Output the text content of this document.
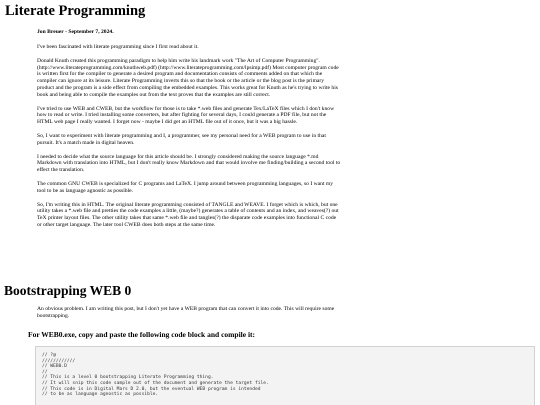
Literate Programming

Jon Breuer - September 7, 2024.

I've been fascinated with literate programming since I first read about it.

Donald Knuth created this programming paradigm to help him write his landmark work "The Art of Computer Programming". (http://www.literateprogramming.com/knuthweb.pdf) (http://www.literateprogramming.com/lpsimp.pdf) Most computer program code is written first for the compiler to generate a desired program and documentation consists of comments added on that which the compiler can ignore at its leisure. Literate Programming inverts this so that the book or the article or the blog post is the primary product and the program is a side effect from compiling the embedded examples. This works great for Knuth as he's trying to write his book and being able to compile the examples out from the text proves that the examples are still correct.

I've tried to use WEB and CWEB, but the workflow for those is to take *.web files and generate Tex/LaTeX files which I don't know how to read or write. I tried installing some converters, but after fighting for several days, I could generate a PDF file, but not the HTML web page I really wanted. I forget now - maybe I did get an HTML file out of it once, but it was a big hassle.

So, I want to experiment with literate programming and I, a programmer, see my personal need for a WEB program to use in that pursuit. It's a match made in digital heaven.

I needed to decide what the source language for this article should be. I strongly considered making the source language *.md Markdown with translation into HTML, but I don't really know Markdown and that would involve me finding/building a second tool to effect the translation.

The common GNU CWEB is specialized for C programs and LaTeX. I jump around between programming languages, so I want my tool to be as language agnostic as possible.

So, I'm writing this in HTML. The original literate programming consisted of TANGLE and WEAVE. I forget which is which, but one utility takes a *.web file and pretties the code examples a little, (maybe?) generates a table of contents and an index, and weaves(?) out TeX printer layout files. The other utility takes that same *.web file and tangles(?) the disparate code examples into functional C code or other target language. The later tool CWEB does both steps at the same time.

Bootstrapping WEB 0

An obvious problem. I am writing this post, but I don't yet have a WEB program that can convert it into code. This will require some bootstrapping.

For WEB0.exe, copy and paste the following code block and compile it:
// ?@
////////////
// WEB0.D
//
// This is a level 0 bootstrapping Literate Programming thing.
// It will snip this code sample out of the document and generate the target file.
// This code is in Digital Mars D 2.0, but the eventual WEB program is intended
// to be as language agnostic as possible.
